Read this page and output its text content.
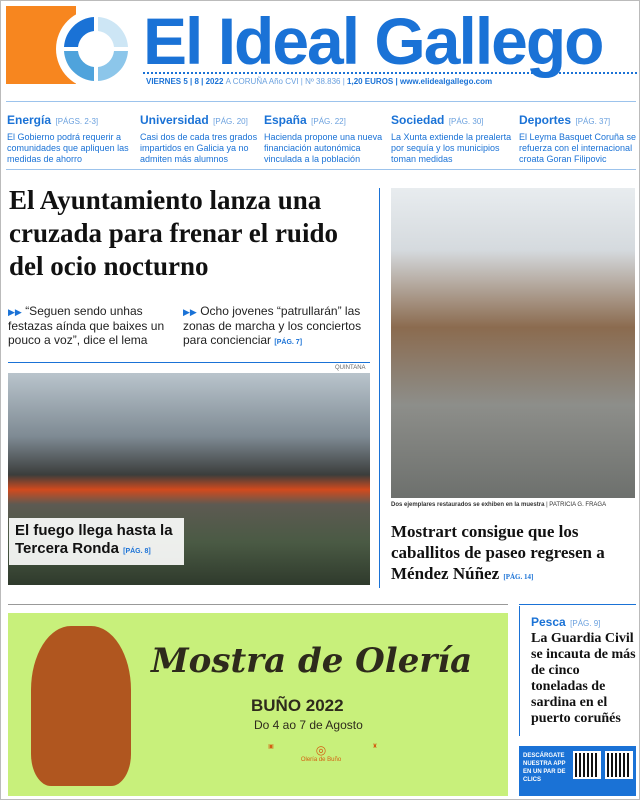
El Ideal Gallego
VIERNES 5 | 8 | 2022 A CORUÑA Año CVI | Nº 38.836 | 1,20 EUROS | www.elidealgallego.com
Energía [PÁGS. 2-3]
El Gobierno podrá requerir a comunidades que apliquen las medidas de ahorro
Universidad [PÁG. 20]
Casi dos de cada tres grados impartidos en Galicia ya no admiten más alumnos
España [PÁG. 22]
Hacienda propone una nueva financiación autonómica vinculada a la población
Sociedad [PÁG. 30]
La Xunta extiende la prealerta por sequía y los municipios toman medidas
Deportes [PÁG. 37]
El Leyma Basquet Coruña se refuerza con el internacional croata Goran Filipovic
El Ayuntamiento lanza una cruzada para frenar el ruido del ocio nocturno
▶▶ “Seguen sendo unhas festazas aínda que baixes un pouco a voz”, dice el lema
▶▶ Ocho jovenes “patrullarán” las zonas de marcha y los conciertos para concienciar [PÁG. 7]
QUINTANA
El fuego llega hasta la Tercera Ronda [PÁG. 8]
Dos ejemplares restaurados se exhiben en la muestra | PATRICIA G. FRAGA
Mostrart consigue que los caballitos de paseo regresen a Méndez Núñez [PÁG. 14]
Mostra de Olería
BUÑO 2022
Do 4 ao 7 de Agosto
▣	◎
Olería de Buño
♜
Pesca [PÁG. 9]
La Guardia Civil se incauta de más de cinco toneladas de sardina en el puerto coruñés
DESCÁRGATE NUESTRA APP EN UN PAR DE CLICS
